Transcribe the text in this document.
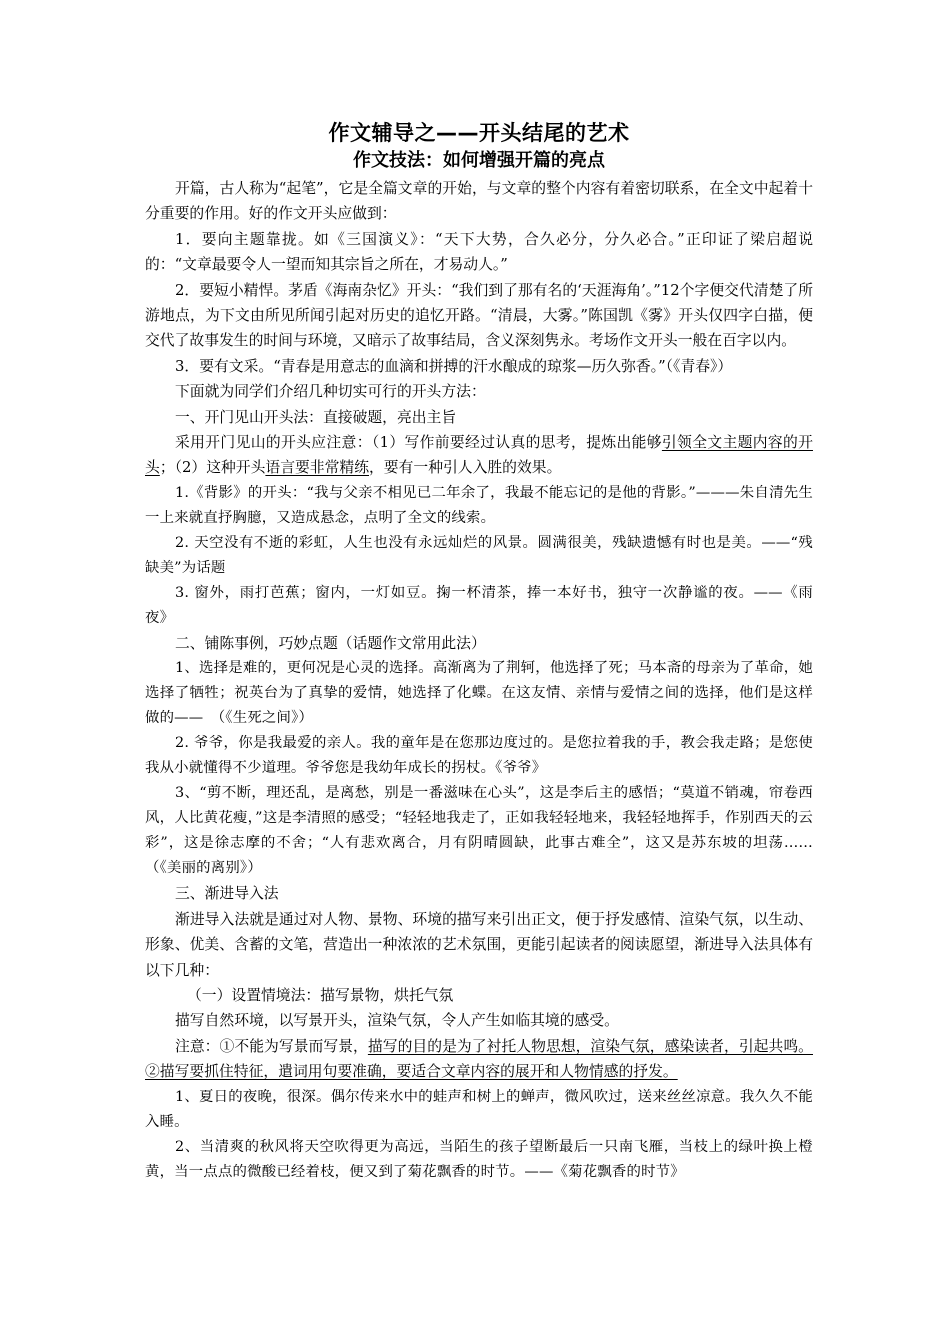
作文辅导之——开头结尾的艺术
作文技法：如何增强开篇的亮点

开篇，古人称为“起笔”，它是全篇文章的开始，与文章的整个内容有着密切联系，在全文中起着十分重要的作用。好的作文开头应做到：

1．要向主题靠拢。如《三国演义》：“天下大势，合久必分，分久必合。”正印证了梁启超说的：“文章最要令人一望而知其宗旨之所在，才易动人。”

2．要短小精悍。茅盾《海南杂忆》开头：“我们到了那有名的‘天涯海角’。”12个字便交代清楚了所游地点，为下文由所见所闻引起对历史的追忆开路。“清晨，大雾。”陈国凯《雾》开头仅四字白描，便交代了故事发生的时间与环境，又暗示了故事结局，含义深刻隽永。考场作文开头一般在百字以内。

3．要有文采。“青春是用意志的血滴和拼搏的汗水酿成的琼浆—历久弥香。”（《青春》）

下面就为同学们介绍几种切实可行的开头方法：

一、开门见山开头法：直接破题，亮出主旨

采用开门见山的开头应注意：（1）写作前要经过认真的思考，提炼出能够引领全文主题内容的开头；（2）这种开头语言要非常精练，要有一种引人入胜的效果。

1.《背影》的开头：“我与父亲不相见已二年余了，我最不能忘记的是他的背影。”———朱自清先生一上来就直抒胸臆，又造成悬念，点明了全文的线索。

2. 天空没有不逝的彩虹，人生也没有永远灿烂的风景。圆满很美，残缺遗憾有时也是美。——“残缺美”为话题

3. 窗外，雨打芭蕉；窗内，一灯如豆。掬一杯清茶，捧一本好书，独守一次静谧的夜。——《雨夜》

二、铺陈事例，巧妙点题（话题作文常用此法）

1、选择是难的，更何况是心灵的选择。高渐离为了荆轲，他选择了死；马本斋的母亲为了革命，她选择了牺牲；祝英台为了真挚的爱情，她选择了化蝶。在这友情、亲情与爱情之间的选择，他们是这样做的——　（《生死之间》）

2. 爷爷，你是我最爱的亲人。我的童年是在您那边度过的。是您拉着我的手，教会我走路；是您使我从小就懂得不少道理。爷爷您是我幼年成长的拐杖。《爷爷》

3、“剪不断，理还乱，是离愁，别是一番滋味在心头”，这是李后主的感悟；“莫道不销魂，帘卷西风，人比黄花瘦，”这是李清照的感受；“轻轻地我走了，正如我轻轻地来，我轻轻地挥手，作别西天的云彩”，这是徐志摩的不舍；“人有悲欢离合，月有阴晴圆缺，此事古难全”，这又是苏东坡的坦荡……　（《美丽的离别》）

三、渐进导入法

渐进导入法就是通过对人物、景物、环境的描写来引出正文，便于抒发感情、渲染气氛，以生动、形象、优美、含蓄的文笔，营造出一种浓浓的艺术氛围，更能引起读者的阅读愿望，渐进导入法具体有以下几种：

（一）设置情境法：描写景物，烘托气氛

描写自然环境，以写景开头，渲染气氛，令人产生如临其境的感受。

注意：①不能为写景而写景，描写的目的是为了衬托人物思想，渲染气氛，感染读者，引起共鸣。②描写要抓住特征，遣词用句要准确，要适合文章内容的展开和人物情感的抒发。

1、夏日的夜晚，很深。偶尔传来水中的蛙声和树上的蝉声，微风吹过，送来丝丝凉意。我久久不能入睡。

2、当清爽的秋风将天空吹得更为高远，当陌生的孩子望断最后一只南飞雁，当枝上的绿叶换上橙黄，当一点点的微酸已经着枝，便又到了菊花飘香的时节。——《菊花飘香的时节》
